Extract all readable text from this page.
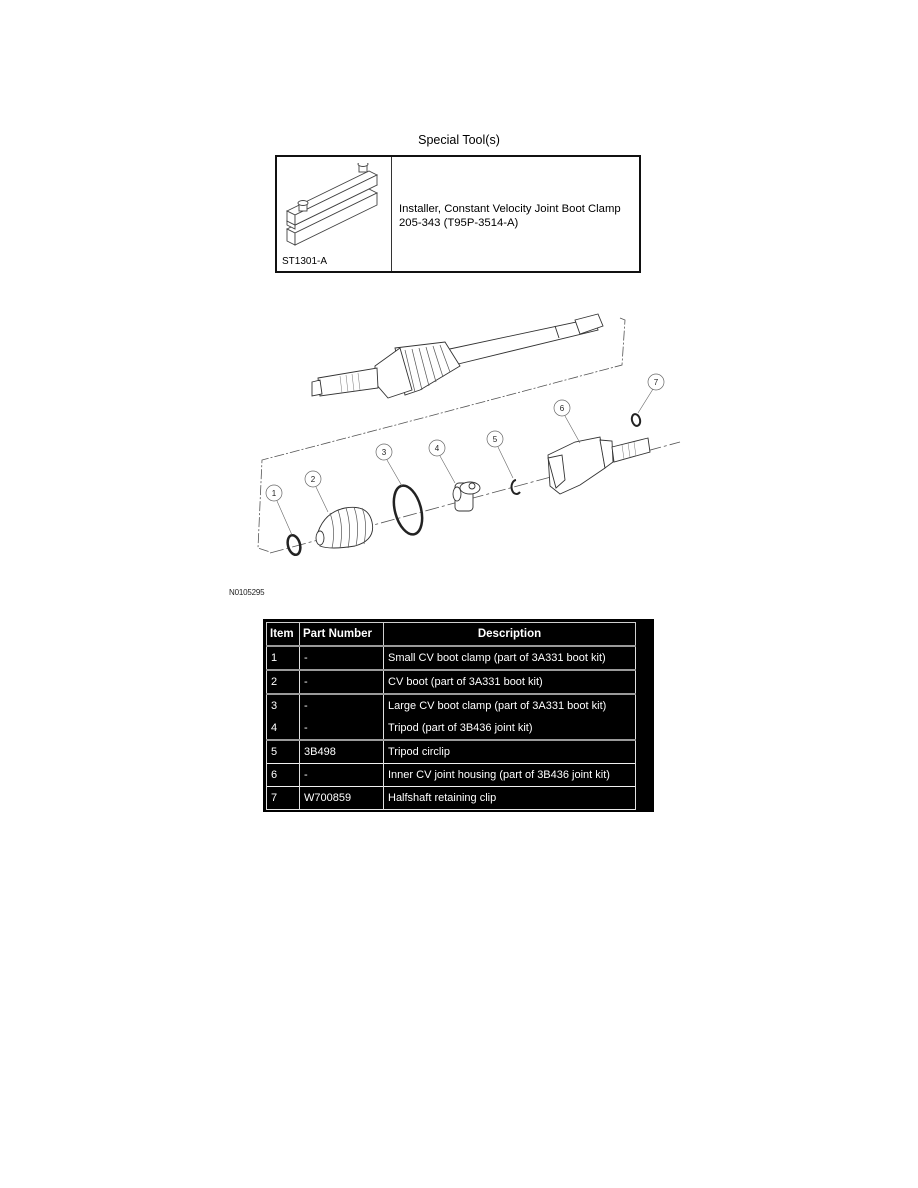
Special Tool(s)
ST1301-A
Installer, Constant Velocity Joint Boot Clamp
205-343 (T95P-3514-A)
1
2
3	4
5
6
7
N0105295
Item	Part Number	Description
1	-	Small CV boot clamp (part of 3A331 boot kit)
2	-	CV boot (part of 3A331 boot kit)
3	-	Large CV boot clamp (part of 3A331 boot kit)
4	-	Tripod (part of 3B436 joint kit)
5	3B498	Tripod circlip
6	-	Inner CV joint housing (part of 3B436 joint kit)
7	W700859	Halfshaft retaining clip
